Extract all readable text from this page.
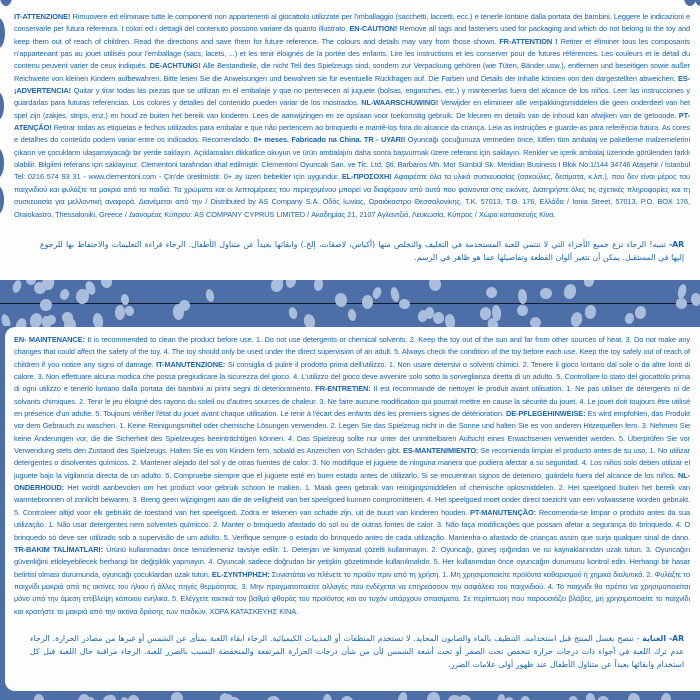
IT-ATTENZIONE! Rimuovere ed eliminare tutte le componenti non appartenenti al giocattolo utilizzate per l'imballaggio (sacchetti, laccetti, ecc.) e tenerle lontane dalla portata dei bambini. Leggere le indicazioni e conservarle per futura referenza. I colori ed i dettagli del contenuto possono variare da quanto illustrato. EN-CAUTION! Remove all tags and fasteners used for packaging and which do not belong to the toy and keep them out of reach of children. Read the directions and save them for future reference. The colours and details may vary from those shown. FR-ATTENTION ! Retirer et éliminer tous les composants n'appartenant pas au jouet utilisés pour l'emballage (sacs, lacets, ...) et les tenir éloignés de la portée des enfants. Lire les instructions et les conserver pour de futures références. Les couleurs et le détail du contenu peuvent varier de ceux indiqués. DE-ACHTUNG! Alle Bestandteile, die nicht Teil des Spielzeugs sind, sondern zur Verpackung gehören (wie Tüten, Bänder usw.), entfernen und beseitigen sowie außer Reichweite von kleinen Kindern aufbewahren. Bitte lesen Sie die Anweisungen und bewahren sie für eventuelle Rückfragen auf. Die Farben und Details der Inhalte können von den dargestellten abweichen. ES-¡ADVERTENCIA! Quitar y tirar todas las piezas que se utilizan en el embalaje y que no pertenecen al juguete (bolsas, enganches, etc.) y mantenerlas fuera del alcance de los niños. Leer las instrucciones y guardarlas para futuras referencias. Los colores y detalles del contenido pueden variar de los mostrados. NL-WAARSCHUWING! Verwijder en elimineer alle verpakkingsmiddelen die geen onderdeel van het spel zijn (zakjes, strips, enz.) en houd ze buiten het bereik van kinderen. Lees de aanwijzingen en ze opslaan voor toekomstig gebruik. De kleuren en details van de inhoud kan afwijken van de getoonde. PT-ATENÇÃO! Retirar todas as etiquetas e fechos utilizados para embalar e que não pertencem ao brinquedo e mantê-los fora do alcance da criança. Leia as instruções e guarde-as para referência futura. As cores e detalhes do conteúdo podem variar entre os indicados. Recomendado: 0+ meses. Fabricado na China. TR - UYARI! Oyuncağı çocuğunuza vermeden önce, lütfen tüm ambalaj ve paketleme malzemelerini çıkarın ve çocukların ulaşamayacağı bir yerde saklayın. Açıklamaları dikkatlice okuyun ve ürün ambalajını daha sonra başvurmak üzere referans için saklayın. Renkler ve içerik ambalaj üzerinde görülenden farklı olabilir. Bilgileri referans için saklayınız. Clementoni tarafından ithal edilmiştir. Clementoni Oyuncak San. ve Tic. Ltd. Şti. Barbaros Mh. Mor Sümbül Sk. Meridian Business I Blok No:1/144 34746 Ataşehir / İstanbul Tel: 0216 574 93 31 - www.clementoni.com - Çin'de üretilmistir. 0+ ay üzeri bebekler için uygundur. EL-ΠΡΟΣΟΧΗ! Αφαιρέστε όλα τα υλικά συσκευασίας (σακούλες, δεσίματα, κ.λπ.), που δεν είναι μέρος του παιχνιδιού και φυλάξτε τα μακριά από τα παιδιά. Τα χρώματα και οι λεπτομέρειες του περιεχομένου μπορεί να διαφέρουν από αυτά που φαίνονται στις εικόνες. Διατηρήστε όλες τις σχετικές πληροφορίες και τη συσκευασία για μελλοντική αναφορά. Διανέμεται από την / Distributed by AS Company S.A. Οδός Ιωνίας, Ωραιόκαστρο Θεσσαλονίκης, Τ.Κ. 57013, Τ.Θ. 176, Ελλάδα / Ionia Street, 57013, P.O. BOX 176, Oraiokastro, Thessaloniki, Greece / Διανομέας Κύπρου: AS COMPANY CYPRUS LIMITED / Ακαδημίας 21, 2107 Αγλαντζιά, Λευκωσία, Κύπρος / Χώρα κατασκευής Κίνα.
AR- تنبيه! الرجاء نزع جميع الأجزاء التي لا تنتمي للعبة المستخدمة في التغليف والتخلص منها (أكياس، لاصقات، إلخ.) وابقائها بعيداً عن متناول الأطفال. الرجاء قراءة التعليمات والاحتفاظ بها للرجوع إليها في المستقبل. يمكن أن تتغير ألوان القطعة وتفاصيلها عما هو ظاهر في الرسم.
EN- MAINTENANCE: It is recommended to clean the product before use. 1. Do not use detergents or chemical solvents. 2. Keep the toy out of the sun and far from other sources of heat. 3. Do not make any changes that could affect the safety of the toy. 4. The toy should only be used under the direct supervision of an adult. 5. Always check the condition of the toy before each use. Keep the toy safely out of reach of children if you notice any signs of damage. IT-MANUTENZIONE: Si consiglia di pulire il prodotto prima dell'utilizzo. 1. Non usare detersivi o solventi chimici. 2. Tenere il gioco lontano dal sole o da altre fonti di calore. 3. Non effettuare alcuna modica che possa pregiudicare la sicurezza del gioco. 4. L'utilizzo del gioco deve avvenire solo sotto la sorveglianza diretta di un adulto. 5. Controllare lo stato del giocattolo prima di ogni utilizzo e tenerlo lontano dalla portata dei bambini ai primi segni di deterioramento. FR-ENTRETIEN: Il est recommandé de nettoyer le produit avant utilisation. 1. Ne pas utiliser de détergents ni de solvants chimiques. 2. Tenir le jeu éloigné des rayons du soleil ou d'autres sources de chaleur. 3. Ne faire aucune modification qui pourrait mettre en cause la sécurité du jouet. 4. Le jouet doit toujours être utilisé en présence d'un adulte. 5. Toujours vérifier l'état du jouet avant chaque utilisation. Le tenir à l'écart des enfants dès les premiers signes de détérioration. DE-PFLEGEHINWEISE: Es wird empfohlen, das Produkt vor dem Gebrauch zu waschen. 1. Keine Reinigungsmittel oder chemische Lösungen verwenden. 2. Legen Sie das Spielzeug nicht in die Sonne und halten Sie es von anderen Hitzequellen fern. 3. Nehmen Sie keine Änderungen vor, die die Sicherheit des Spielzeuges beeinträchtigen können. 4. Das Spielzeug sollte nur unter der unmittelbaren Aufsicht eines Erwachsenen verwendet werden. 5. Überprüfen Sie vor Verwendung stets den Zustand des Spielzeugs. Halten Sie es von Kindern fern, sobald es Anzeichen von Schäden gibt. ES-MANTENIMIENTO: Se recomienda limpiar el producto antes de su uso. 1. No utilizar detergentes o disolventes químicos. 2. Mantener alejado del sol y de otras fuentes de calor. 3. No modifique el juguete de ninguna manera que pudiera afectar a su seguridad. 4. Los niños solo deben utilizar el juguete bajo la vigilancia directa de un adulto. 5. Compruebe siempre que el juguete esté en buen estado antes de utilizarlo. Si se encuentran signos de deterioro, guárdelo fuera del alcance de los niños. NL-ONDERHOUD: Het wordt aanbevolen om het product voor gebruik schoon te maken. 1. Maak geen gebruik van reinigingsmiddelen of chemische oplosmiddelen. 2. Het speelgoed buiten het bereik van warmtebronnen of zonlicht bewaren. 3. Breng geen wijzigingen aan die de veiligheid van het speelgoed kunnen compromitteren. 4. Het speelgoed moet onder direct toezicht van een volwassene worden gebruikt. 5. Controleer altijd voor elk gebruikt de toestand van het speelgoed. Zodra er tekenen van schade zijn, uit de buurt van kinderen houden. PT-MANUTENÇÃO: Recomenda-se limpar o produto antes da sua utilização. 1. Não usar detergentes nem solventes químicos. 2. Manter o brinquedo afastado do sol ou de outras fontes de calor. 3. Não faça modificações que possam afetar a segurança do brinquedo. 4. O brinquedo só deve ser utilizado sob a supervisão de um adulto. 5. Verifique sempre o estado do brinquedo antes de cada utilização. Mantenha-o afastado de crianças assim que surja qualquer sinal de dano. TR-BAKIM TALİMATLARI: Ürünü kullanmadan önce temizlemeniz tavsiye edilir. 1. Deterjan ve kimyasal çözelti kullanmayın. 2. Oyuncağı, güneş ışığından ve ısı kaynaklarından uzak tutun. 3. Oyuncağın güvenliğini etkileyebilecek herhangi bir değişiklik yapmayın. 4. Oyuncak sadece doğrudan bir yetişkin gözetiminde kullanılmalıdır. 5. Her kullanımdan önce oyuncağın durumunu kontrol edin. Herhangi bir hasar belirtisi olması durumunda, oyuncağı çocuklardan uzak tutun. EL-ΣΥΝΤΗΡΗΣΗ: Συνιστάται να πλένετε το προϊόν πριν από τη χρήση. 1. Μη χρησιμοποιείτε προϊόντα καθαρισμού ή χημικά διαλυτικά. 2. Φυλάξτε το παιχνίδι μακριά από τις ακτίνες του ήλιου ή άλλες πηγές θερμότητας. 3. Μην πραγματοποιείτε αλλαγές που ενδέχεται να επηρεάσουν την ασφάλεια του παιχνιδιού. 4. Το παιχνίδι θα πρέπει να χρησιμοποιείται μόνο υπό την άμεση επίβλεψη κάποιου ενήλικα. 5. Ελέγχετε τακτικά τον βαθμό φθοράς του προϊόντος και αν τυχόν υπάρχουν σπασίματα. Σε περίπτωση που παρουσιάζει βλάβες, μη χρησιμοποιείτε το παιχνίδι και κρατήστε το μακριά από την ακτίνα δράσης των παιδιών. ΧΩΡΑ ΚΑΤΑΣΚΕΥΗΣ ΚΙΝΑ.
AR- العناية - ننصح بغسل المنتج قبل استخدامه. التنظيف بالماء والصابون المحايد. لا تستخدم المنظفات أو المذيبات الكيميائية. الرجاء ابقاء اللعبة بمنأى عن الشمس أو غيرها من مصادر الحرارة. الرجاء عدم ترك اللعبة في أجواء ذات درجات حرارة تنخفض تحت الصفر أو تحت أشعة الشمس لأن من شأن درجات الحرارة المرتفعة والمنخفضة التسبب بالضرر للعبة. الرجاء مراقبة حال اللعبة قبل كل استخدام وابقائها بعيداً عن متناول الأطفال عند ظهور أولى علامات الضرر.
